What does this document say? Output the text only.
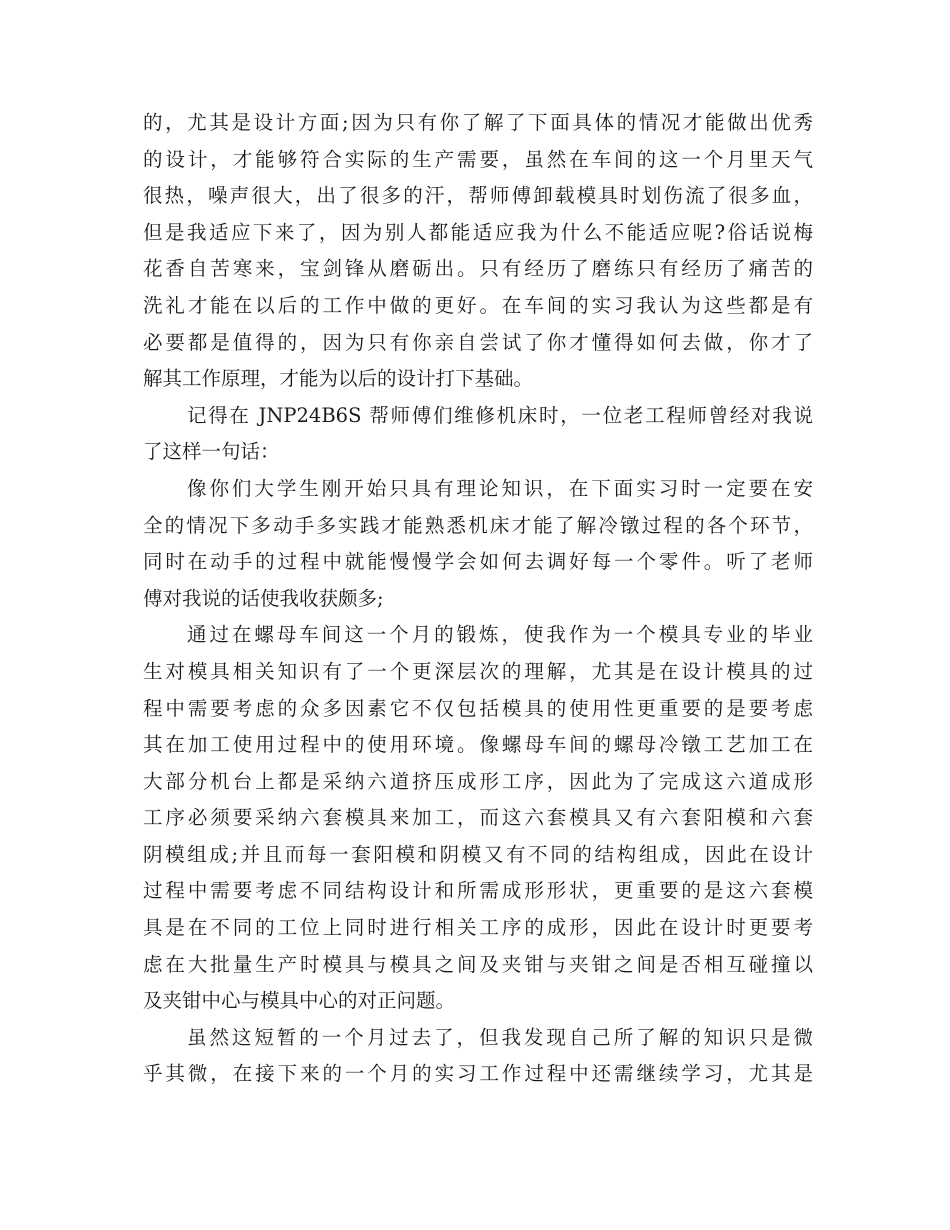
的，尤其是设计方面;因为只有你了解了下面具体的情况才能做出优秀
的设计，才能够符合实际的生产需要，虽然在车间的这一个月里天气
很热，噪声很大，出了很多的汗，帮师傅卸载模具时划伤流了很多血，
但是我适应下来了，因为别人都能适应我为什么不能适应呢?俗话说梅
花香自苦寒来，宝剑锋从磨砺出。只有经历了磨练只有经历了痛苦的
洗礼才能在以后的工作中做的更好。在车间的实习我认为这些都是有
必要都是值得的，因为只有你亲自尝试了你才懂得如何去做，你才了
解其工作原理，才能为以后的设计打下基础。
记得在 JNP24B6S 帮师傅们维修机床时，一位老工程师曾经对我说
了这样一句话：
像你们大学生刚开始只具有理论知识，在下面实习时一定要在安
全的情况下多动手多实践才能熟悉机床才能了解冷镦过程的各个环节，
同时在动手的过程中就能慢慢学会如何去调好每一个零件。听了老师
傅对我说的话使我收获颇多;
通过在螺母车间这一个月的锻炼，使我作为一个模具专业的毕业
生对模具相关知识有了一个更深层次的理解，尤其是在设计模具的过
程中需要考虑的众多因素它不仅包括模具的使用性更重要的是要考虑
其在加工使用过程中的使用环境。像螺母车间的螺母冷镦工艺加工在
大部分机台上都是采纳六道挤压成形工序，因此为了完成这六道成形
工序必须要采纳六套模具来加工，而这六套模具又有六套阳模和六套
阴模组成;并且而每一套阳模和阴模又有不同的结构组成，因此在设计
过程中需要考虑不同结构设计和所需成形形状，更重要的是这六套模
具是在不同的工位上同时进行相关工序的成形，因此在设计时更要考
虑在大批量生产时模具与模具之间及夹钳与夹钳之间是否相互碰撞以
及夹钳中心与模具中心的对正问题。
虽然这短暂的一个月过去了，但我发现自己所了解的知识只是微
乎其微，在接下来的一个月的实习工作过程中还需继续学习，尤其是
